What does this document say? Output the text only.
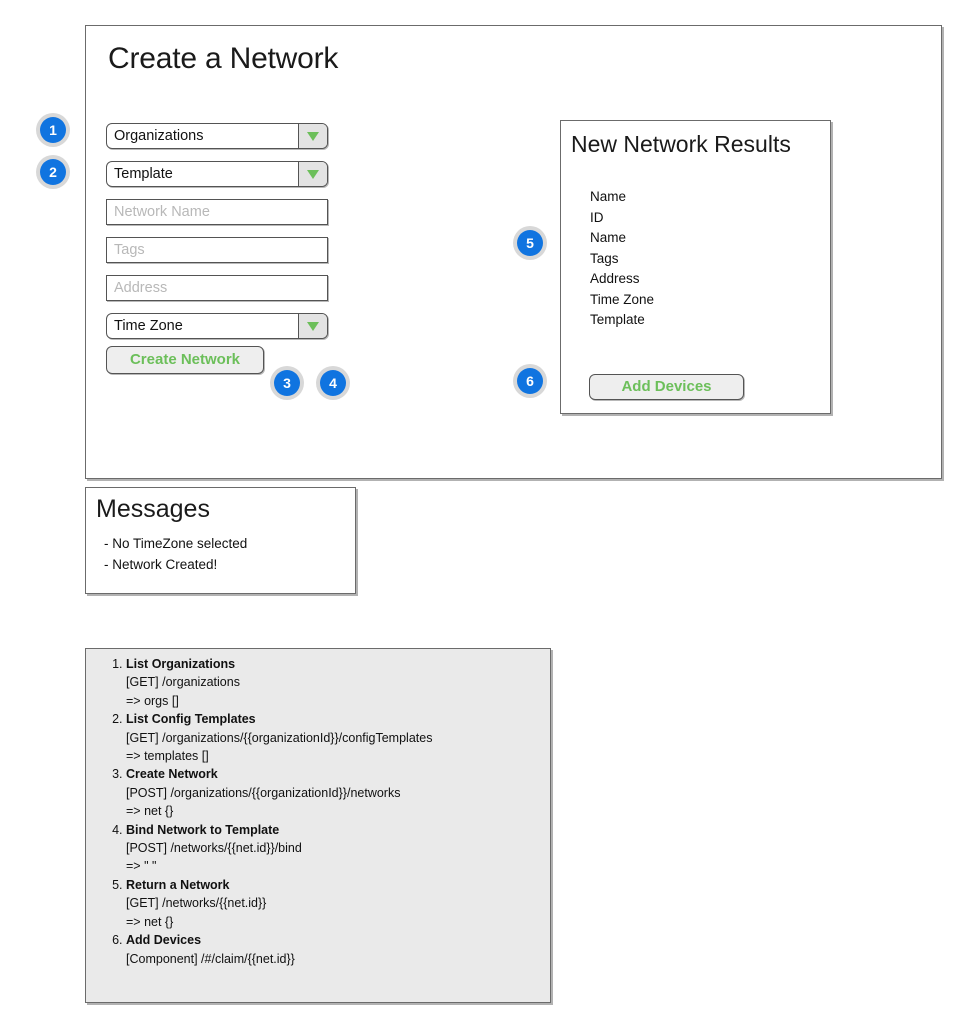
Create a Network
Organizations
Template
Network Name
Tags
Address
Time Zone
Create Network
New Network Results
Name
ID
Name
Tags
Address
Time Zone
Template
Add Devices
1
2
3	4
5
6
Messages
- No TimeZone selected
- Network Created!
1. List Organizations
[GET] /organizations
=> orgs []
2. List Config Templates
[GET] /organizations/{{organizationId}}/configTemplates
=> templates []
3. Create Network
[POST] /organizations/{{organizationId}}/networks
=> net {}
4. Bind Network to Template
[POST] /networks/{{net.id}}/bind
=> " "
5. Return a Network
[GET] /networks/{{net.id}}
=> net {}
6. Add Devices
[Component] /#/claim/{{net.id}}
